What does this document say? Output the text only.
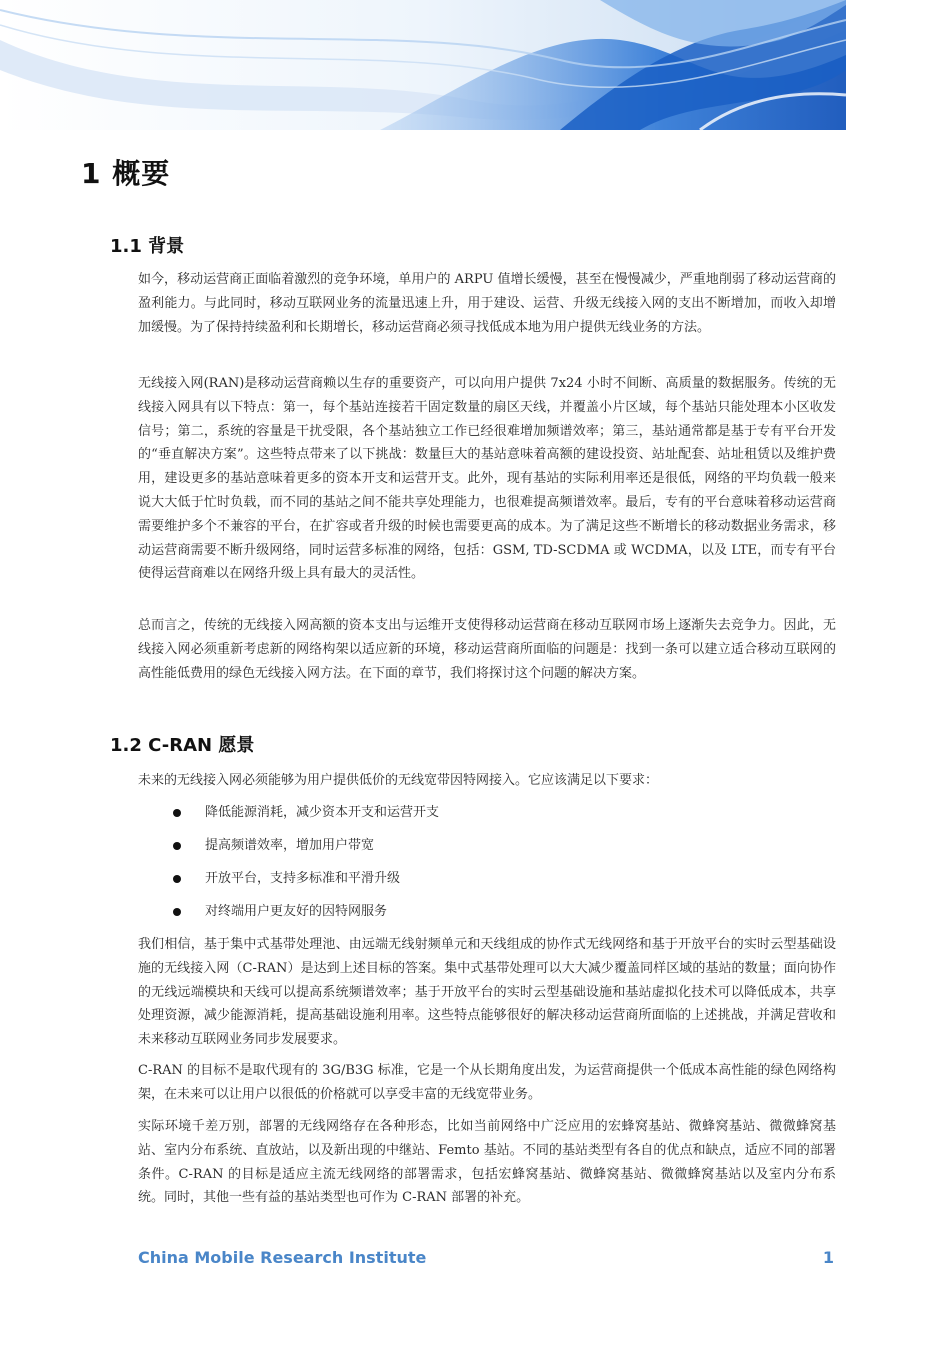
1 概要
1.1 背景

如今，移动运营商正面临着激烈的竞争环境，单用户的 ARPU 值增长缓慢，甚至在慢慢减少，严重地削弱了移动运营商的盈利能力。与此同时，移动互联网业务的流量迅速上升，用于建设、运营、升级无线接入网的支出不断增加，而收入却增加缓慢。为了保持持续盈利和长期增长，移动运营商必须寻找低成本地为用户提供无线业务的方法。

无线接入网(RAN)是移动运营商赖以生存的重要资产，可以向用户提供 7x24 小时不间断、高质量的数据服务。传统的无线接入网具有以下特点：第一，每个基站连接若干固定数量的扇区天线，并覆盖小片区域，每个基站只能处理本小区收发信号；第二，系统的容量是干扰受限，各个基站独立工作已经很难增加频谱效率；第三，基站通常都是基于专有平台开发的“垂直解决方案”。这些特点带来了以下挑战：数量巨大的基站意味着高额的建设投资、站址配套、站址租赁以及维护费用，建设更多的基站意味着更多的资本开支和运营开支。此外，现有基站的实际利用率还是很低，网络的平均负载一般来说大大低于忙时负载，而不同的基站之间不能共享处理能力，也很难提高频谱效率。最后，专有的平台意味着移动运营商需要维护多个不兼容的平台，在扩容或者升级的时候也需要更高的成本。为了满足这些不断增长的移动数据业务需求，移动运营商需要不断升级网络，同时运营多标准的网络，包括：GSM, TD-SCDMA 或 WCDMA，以及 LTE，而专有平台使得运营商难以在网络升级上具有最大的灵活性。

总而言之，传统的无线接入网高额的资本支出与运维开支使得移动运营商在移动互联网市场上逐渐失去竞争力。因此，无线接入网必须重新考虑新的网络构架以适应新的环境，移动运营商所面临的问题是：找到一条可以建立适合移动互联网的高性能低费用的绿色无线接入网方法。在下面的章节，我们将探讨这个问题的解决方案。

1.2 C-RAN 愿景

未来的无线接入网必须能够为用户提供低价的无线宽带因特网接入。它应该满足以下要求：

降低能源消耗，减少资本开支和运营开支
提高频谱效率，增加用户带宽
开放平台，支持多标准和平滑升级
对终端用户更友好的因特网服务

我们相信，基于集中式基带处理池、由远端无线射频单元和天线组成的协作式无线网络和基于开放平台的实时云型基础设施的无线接入网（C-RAN）是达到上述目标的答案。集中式基带处理可以大大减少覆盖同样区域的基站的数量；面向协作的无线远端模块和天线可以提高系统频谱效率；基于开放平台的实时云型基础设施和基站虚拟化技术可以降低成本，共享处理资源，减少能源消耗，提高基础设施利用率。这些特点能够很好的解决移动运营商所面临的上述挑战，并满足营收和未来移动互联网业务同步发展要求。

C-RAN 的目标不是取代现有的 3G/B3G 标准，它是一个从长期角度出发，为运营商提供一个低成本高性能的绿色网络构架，在未来可以让用户以很低的价格就可以享受丰富的无线宽带业务。

实际环境千差万别，部署的无线网络存在各种形态，比如当前网络中广泛应用的宏蜂窝基站、微蜂窝基站、微微蜂窝基站、室内分布系统、直放站，以及新出现的中继站、Femto 基站。不同的基站类型有各自的优点和缺点，适应不同的部署条件。C-RAN 的目标是适应主流无线网络的部署需求，包括宏蜂窝基站、微蜂窝基站、微微蜂窝基站以及室内分布系统。同时，其他一些有益的基站类型也可作为 C-RAN 部署的补充。

China Mobile Research Institute	1
